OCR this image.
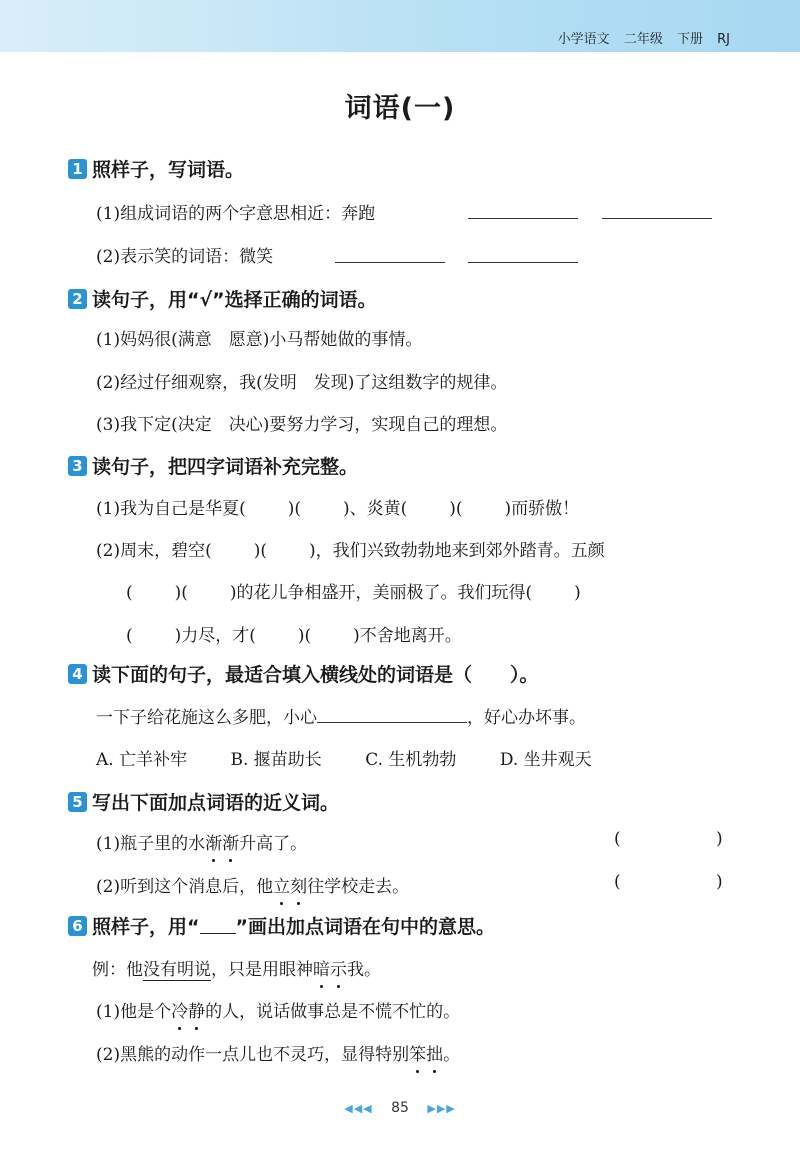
小学语文 二年级 下册 RJ
词语(一)
1 照样子，写词语。
(1)组成词语的两个字意思相近：奔跑
(2)表示笑的词语：微笑
2 读句子，用“√”选择正确的词语。
(1)妈妈很(满意　愿意)小马帮她做的事情。
(2)经过仔细观察，我(发明　发现)了这组数字的规律。
(3)我下定(决定　决心)要努力学习，实现自己的理想。
3 读句子，把四字词语补充完整。
(1)我为自己是华夏( )( )、炎黄( )( )而骄傲！
(2)周末，碧空( )( )，我们兴致勃勃地来到郊外踏青。五颜
( )( )的花儿争相盛开，美丽极了。我们玩得( )
( )力尽，才( )( )不舍地离开。
4 读下面的句子，最适合填入横线处的词语是（　　）。
一下子给花施这么多肥，小心	，好心办坏事。
A. 亡羊补牢	B. 揠苗助长	C. 生机勃勃	D. 坐井观天
5 写出下面加点词语的近义词。
(1)瓶子里的水渐渐升高了。	(	)
(2)听到这个消息后，他立刻往学校走去。	(	)
6 照样子，用“ ”画出加点词语在句中的意思。
例：他没有明说，只是用眼神暗示我。
(1)他是个冷静的人，说话做事总是不慌不忙的。
(2)黑熊的动作一点儿也不灵巧，显得特别笨拙。
◀◀◀ 85 ▶▶▶
